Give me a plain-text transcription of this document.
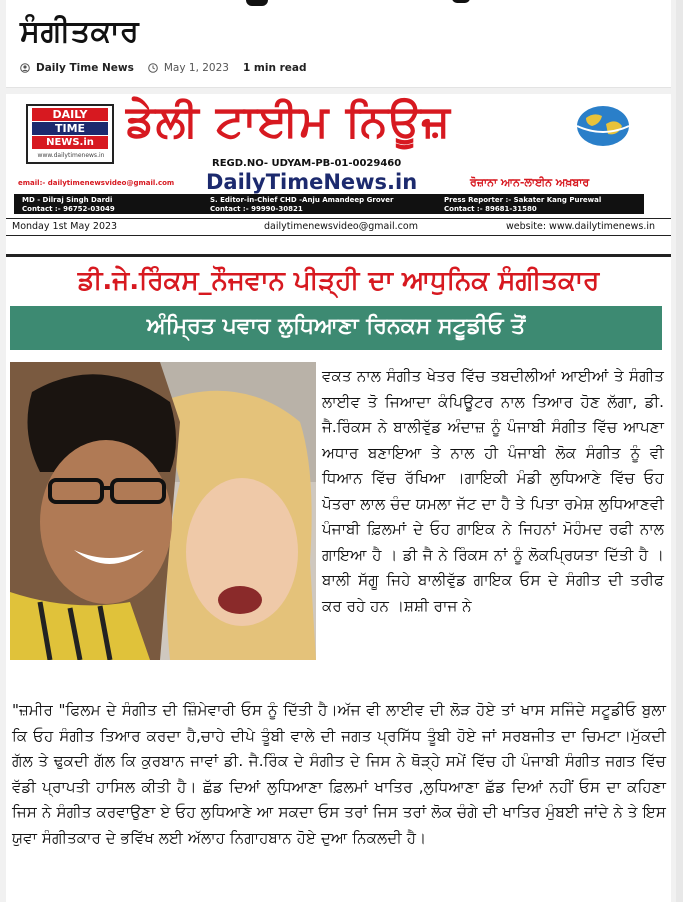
ਸੰਗੀਤਕਾਰ
Daily Time News	May 1, 2023 1 min read
DAILY
TIME
NEWS.in
www.dailytimenews.in
ਡੇਲੀ ਟਾਈਮ ਨਿਊਜ਼
REGD.NO- UDYAM-PB-01-0029460
email:- dailytimenewsvideo@gmail.com DailyTimeNews.in	ਰੋਜ਼ਾਨਾ ਆਨ-ਲਾਈਨ ਅਖ਼ਬਾਰ
MD - Dilraj Singh Dardi
Contact :- 96752-03049
S. Editor-in-Chief CHD -Anju Amandeep Grover
Contact :- 99990-30821
Press Reporter :- Sakater Kang Purewal
Contact :- 89681-31580
Monday 1st May 2023	dailytimenewsvideo@gmail.com	website: www.dailytimenews.in
ਡੀ.ਜੇ.ਰਿੰਕਸ_ਨੌਜਵਾਨ ਪੀੜ੍ਹੀ ਦਾ ਆਧੁਨਿਕ ਸੰਗੀਤਕਾਰ
ਅੰਮ੍ਰਿਤ ਪਵਾਰ ਲੁਧਿਆਣਾ ਰਿਨਕਸ ਸਟੂਡੀਓ ਤੋਂ

ਵਕਤ ਨਾਲ ਸੰਗੀਤ ਖੇਤਰ ਵਿੱਚ ਤਬਦੀਲੀਆਂ ਆਈਆਂ ਤੇ ਸੰਗੀਤ ਲਾਈਵ ਤੋ ਜਿਆਦਾ ਕੰਪਿਊਟਰ ਨਾਲ ਤਿਆਰ ਹੋਣ ਲੱਗਾ, ਡੀ. ਜੈ.ਰਿੰਕਸ ਨੇ ਬਾਲੀਵੁੱਡ ਅੰਦਾਜ਼ ਨੂੰ ਪੰਜਾਬੀ ਸੰਗੀਤ ਵਿੱਚ ਆਪਣਾ ਅਧਾਰ ਬਣਾਇਆ ਤੇ ਨਾਲ ਹੀ ਪੰਜਾਬੀ ਲੋਕ ਸੰਗੀਤ ਨੂੰ ਵੀ ਧਿਆਨ ਵਿੱਚ ਰੱਖਿਆ ।ਗਾਇਕੀ ਮੰਡੀ ਲੁਧਿਆਣੇ ਵਿੱਚ ਓਹ ਪੋਤਰਾ ਲਾਲ ਚੰਦ ਯਮਲਾ ਜੱਟ ਦਾ ਹੈ ਤੇ ਪਿਤਾ ਰਮੇਸ਼ ਲੁਧਿਆਣਵੀ ਪੰਜਾਬੀ ਫ਼ਿਲਮਾਂ ਦੇ ਓਹ ਗਾਇਕ ਨੇ ਜਿਹਨਾਂ ਮੋਹੰਮਦ ਰਫੀ ਨਾਲ ਗਾਇਆ ਹੈ । ਡੀ ਜੈ ਨੇ ਰਿੰਕਸ ਨਾਂ ਨੂੰ ਲੋਕਪ੍ਰਿਯਤਾ ਦਿੱਤੀ ਹੈ । ਬਾਲੀ ਸੱਗੂ ਜਿਹੇ ਬਾਲੀਵੁੱਡ ਗਾਇਕ ਓਸ ਦੇ ਸੰਗੀਤ ਦੀ ਤਰੀਫ ਕਰ ਰਹੇ ਹਨ ।ਸ਼ਸ਼ੀ ਰਾਜ ਨੇ

"ਜ਼ਮੀਰ "ਫਿਲਮ ਦੇ ਸੰਗੀਤ ਦੀ ਜ਼ਿੰਮੇਵਾਰੀ ਓਸ ਨੂੰ ਦਿੱਤੀ ਹੈ।ਅੱਜ ਵੀ ਲਾਈਵ ਦੀ ਲੋੜ ਹੋਏ ਤਾਂ ਖਾਸ ਸਜਿੰਦੇ ਸਟੂਡੀਓ ਬੁਲਾ ਕਿ ਓਹ ਸੰਗੀਤ ਤਿਆਰ ਕਰਦਾ ਹੈ,ਚਾਹੇ ਦੀਪੇ ਤੂੰਬੀ ਵਾਲੇ ਦੀ ਜਗਤ ਪ੍ਰਸਿੱਧ ਤੂੰਬੀ ਹੋਏ ਜਾਂ ਸਰਬਜੀਤ ਦਾ ਚਿਮਟਾ।ਮੁੱਕਦੀ ਗੱਲ ਤੇ ਢੁਕਦੀ ਗੱਲ ਕਿ ਕੁਰਬਾਨ ਜਾਵਾਂ ਡੀ. ਜੈ.ਰਿੰਕ ਦੇ ਸੰਗੀਤ ਦੇ ਜਿਸ ਨੇ ਥੋੜ੍ਹੇ ਸਮੇਂ ਵਿੱਚ ਹੀ ਪੰਜਾਬੀ ਸੰਗੀਤ ਜਗਤ ਵਿੱਚ ਵੱਡੀ ਪ੍ਰਾਪਤੀ ਹਾਸਿਲ ਕੀਤੀ ਹੈ। ਛੱਡ ਦਿਆਂ ਲੁਧਿਆਣਾ ਫ਼ਿਲਮਾਂ ਖਾਤਿਰ ,ਲੁਧਿਆਣਾ ਛੱਡ ਦਿਆਂ ਨਹੀਂ ਓਸ ਦਾ ਕਹਿਣਾ ਜਿਸ ਨੇ ਸੰਗੀਤ ਕਰਵਾਉਣਾ ਏ ਓਹ ਲੁਧਿਆਣੇ ਆ ਸਕਦਾ ਓਸ ਤਰਾਂ ਜਿਸ ਤਰਾਂ ਲੋਕ ਚੰਗੇ ਦੀ ਖਾਤਿਰ ਮੁੰਬਈ ਜਾਂਦੇ ਨੇ ਤੇ ਇਸ ਯੁਵਾ ਸੰਗੀਤਕਾਰ ਦੇ ਭਵਿੱਖ ਲਈ ਅੱਲਾਹ ਨਿਗਾਹਬਾਨ ਹੋਏ ਦੁਆ ਨਿਕਲਦੀ ਹੈ।
